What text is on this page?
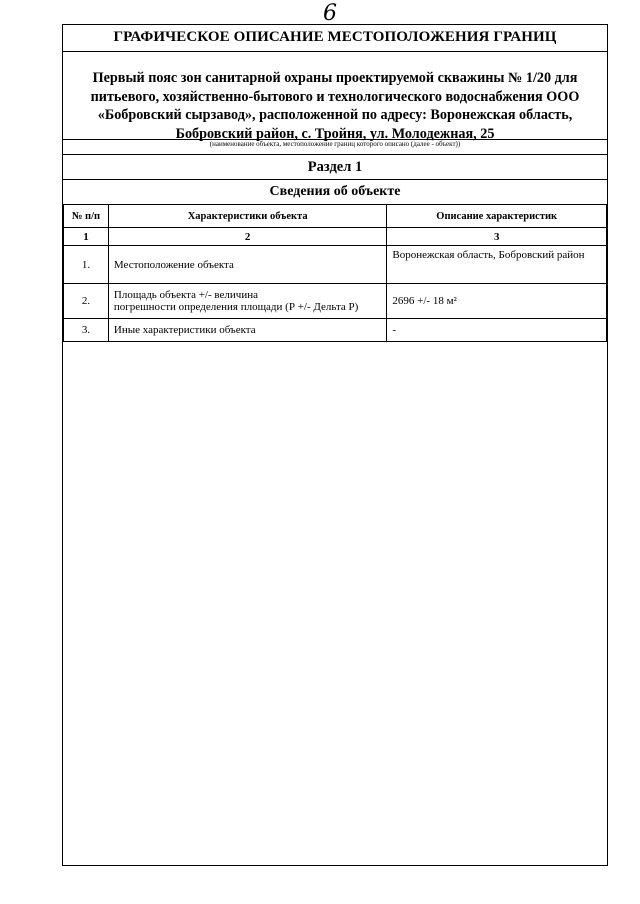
6
ГРАФИЧЕСКОЕ ОПИСАНИЕ МЕСТОПОЛОЖЕНИЯ ГРАНИЦ
Первый пояс зон санитарной охраны проектируемой скважины № 1/20 для
питьевого, хозяйственно-бытового и технологического водоснабжения ООО
«Бобровский сырзавод», расположенной по адресу: Воронежская область,
Бобровский район, с. Тройня, ул. Молодежная, 25
(наименование объекта, местоположение границ которого описано (далее - объект))
Раздел 1
Сведения об объекте
№ п/п	Характеристики объекта	Описание характеристик
1	2	3
1.	Местоположение объекта	Воронежская область, Бобровский район
2.	Площадь объекта +/- величина
погрешности определения площади (Р +/- Дельта Р)	2696 +/- 18 м²
3.	Иные характеристики объекта	-
